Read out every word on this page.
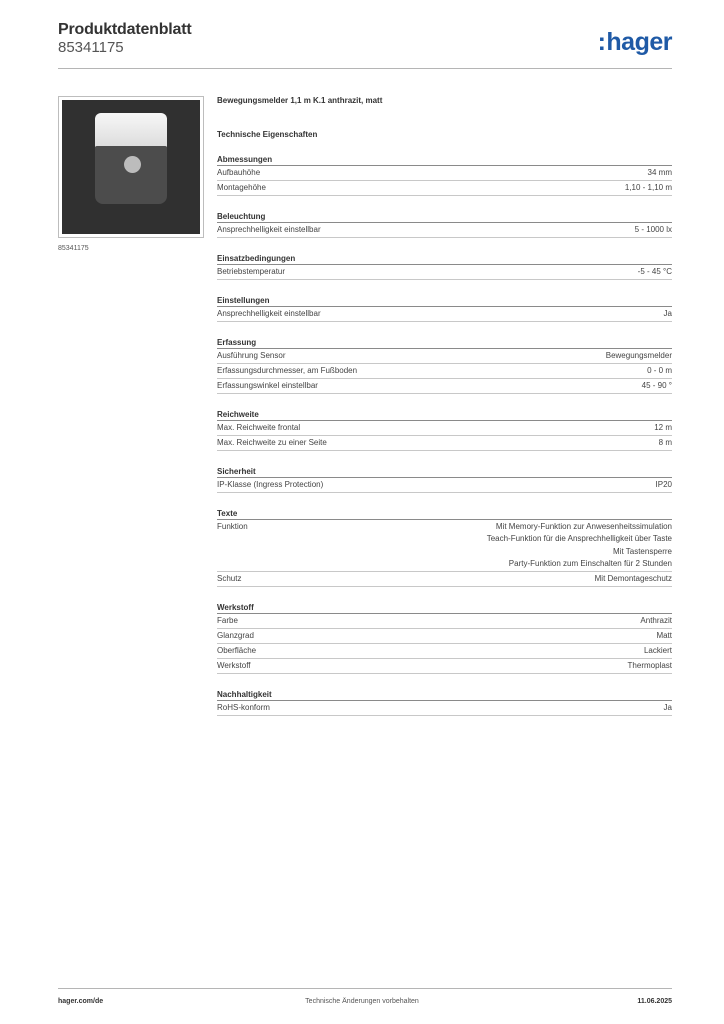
Produktdatenblatt
85341175	:hager
85341175
Bewegungsmelder 1,1 m K.1 anthrazit, matt
Technische Eigenschaften
Abmessungen
Aufbauhöhe	34 mm
Montagehöhe	1,10 - 1,10 m
Beleuchtung
Ansprechhelligkeit einstellbar	5 - 1000 lx
Einsatzbedingungen
Betriebstemperatur	-5 - 45 °C
Einstellungen
Ansprechhelligkeit einstellbar	Ja
Erfassung
Ausführung Sensor	Bewegungsmelder
Erfassungsdurchmesser, am Fußboden	0 - 0 m
Erfassungswinkel einstellbar	45 - 90 °
Reichweite
Max. Reichweite frontal	12 m
Max. Reichweite zu einer Seite	8 m
Sicherheit
IP-Klasse (Ingress Protection)	IP20
Texte
Funktion	Mit Memory-Funktion zur Anwesenheitssimulation
Teach-Funktion für die Ansprechhelligkeit über Taste
Mit Tastensperre
Party-Funktion zum Einschalten für 2 Stunden
Schutz	Mit Demontageschutz
Werkstoff
Farbe	Anthrazit
Glanzgrad	Matt
Oberfläche	Lackiert
Werkstoff	Thermoplast
Nachhaltigkeit
RoHS-konform	Ja
hager.com/de	Technische Änderungen vorbehalten	11.06.2025
